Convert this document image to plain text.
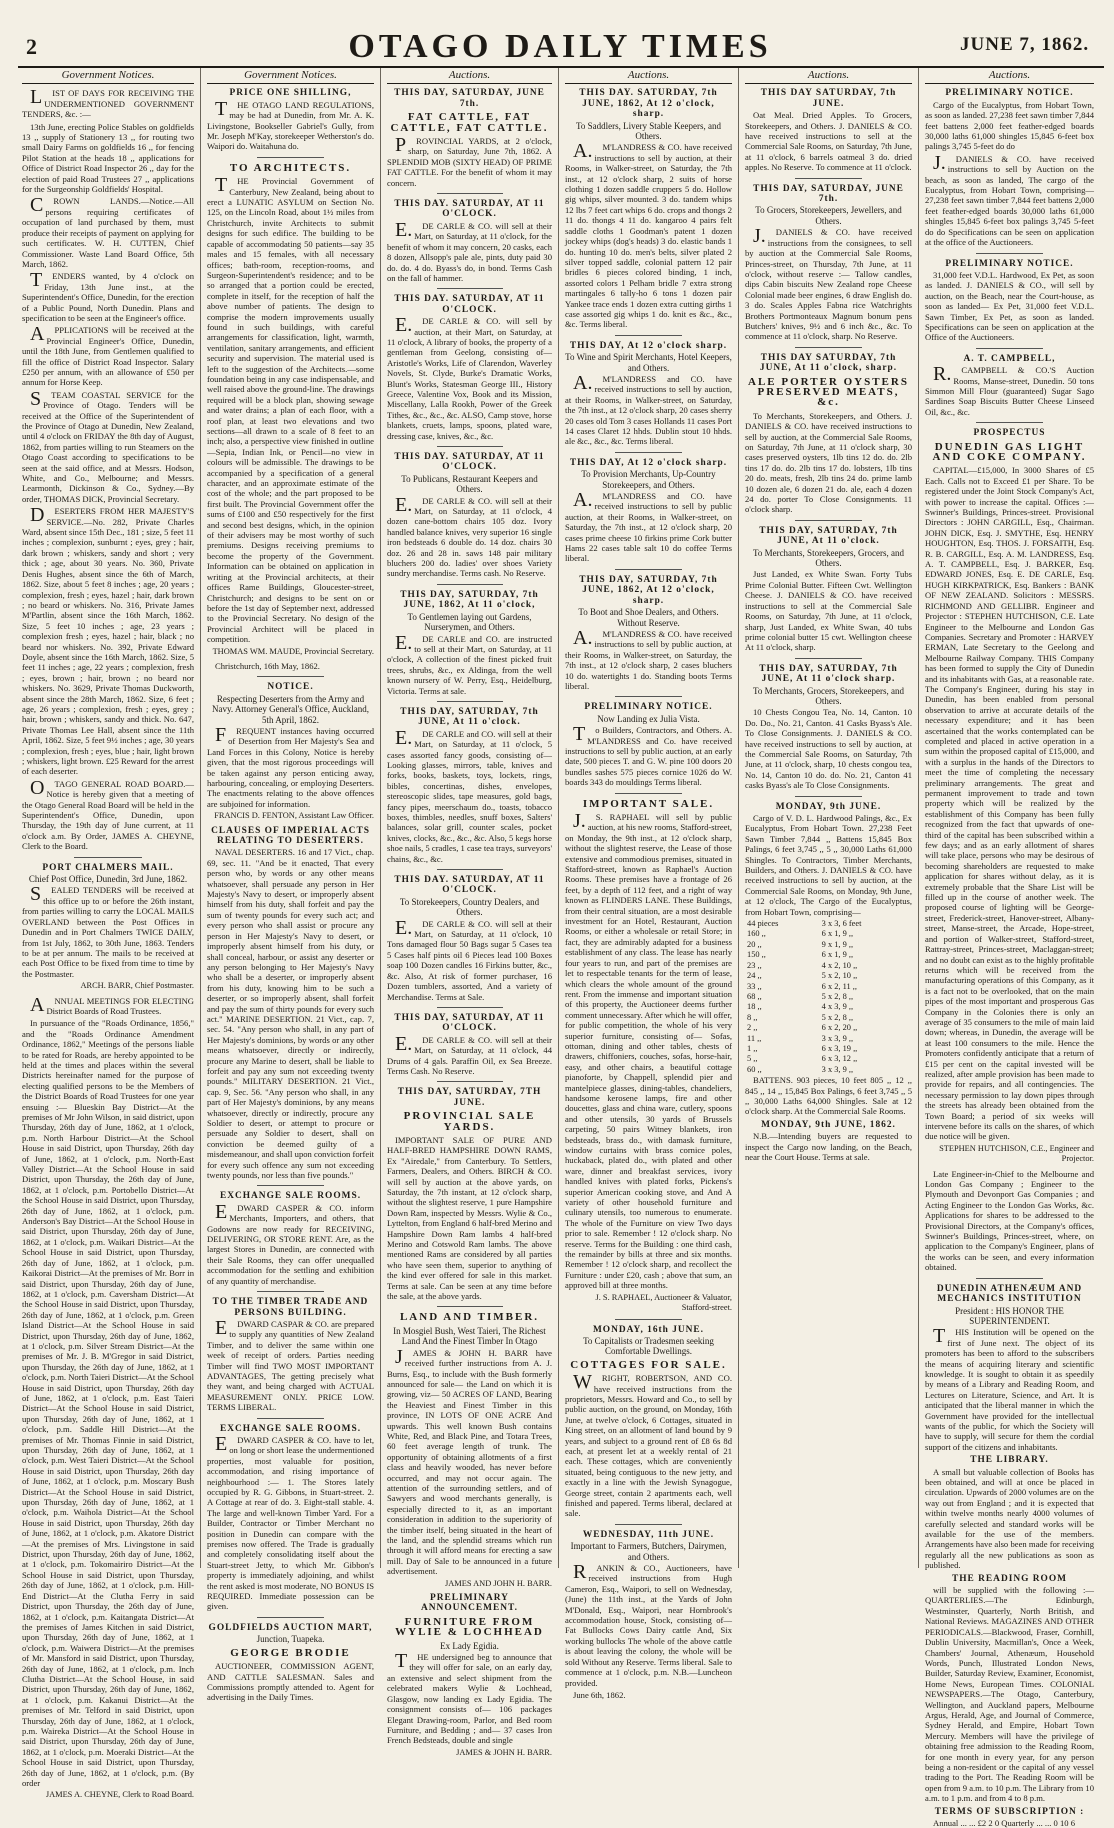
2	OTAGO DAILY TIMES	JUNE 7, 1862.
Government Notices.

LIST OF DAYS FOR RECEIVING THE UNDERMENTIONED GOVERNMENT TENDERS, &c. :—

13th June, erecting Police Stables on goldfields 13 ,, supply of Stationery 13 ,, for routing two small Dairy Farms on goldfields 16 ,, for fencing Pilot Station at the heads 18 ,, applications for Office of District Road Inspector 26 ,, day for the election of paid Road Trustees 27 ,, applications for the Surgeonship Goldfields' Hospital.

CROWN LANDS.—Notice.—All persons requiring certificates of occupation of land purchased by them, must produce their receipts of payment on applying for such certificates. W. H. CUTTEN, Chief Commissioner. Waste Land Board Office, 5th March, 1862.

TENDERS wanted, by 4 o'clock on Friday, 13th June inst., at the Superintendent's Office, Dunedin, for the erection of a Public Pound, North Dunedin. Plans and specification to be seen at the Engineer's office.

APPLICATIONS will be received at the Provincial Engineer's Office, Dunedin, until the 18th June, from Gentlemen qualified to fill the office of District Road Inspector. Salary £250 per annum, with an allowance of £50 per annum for Horse Keep.

STEAM COASTAL SERVICE for the Province of Otago. Tenders will be received at the Office of the Superintendent of the Province of Otago at Dunedin, New Zealand, until 4 o'clock on FRIDAY the 8th day of August, 1862, from parties willing to run Steamers on the Otago Coast according to specifications to be seen at the said office, and at Messrs. Hodson, White, and Co., Melbourne; and Messrs. Learmonth, Dickinson & Co., Sydney.—By order, THOMAS DICK, Provincial Secretary.

DESERTERS FROM HER MAJESTY'S SERVICE.—No. 282, Private Charles Ward, absent since 15th Dec., 181 ; size, 5 feet 11 inches ; complexion, sunburnt ; eyes, grey ; hair, dark brown ; whiskers, sandy and short ; very thick ; age, about 30 years. No. 360, Private Denis Hughes, absent since the 6th of March, 1862. Size, about 5 feet 8 inches ; age, 20 years ; complexion, fresh ; eyes, hazel ; hair, dark brown ; no beard or whiskers. No. 316, Private James M'Partlin, absent since the 16th March, 1862. Size, 5 feet 10 inches ; age, 23 years ; complexion fresh ; eyes, hazel ; hair, black ; no beard nor whiskers. No. 392, Private Edward Doyle, absent since the 16th March, 1862. Size, 5 feet 11 inches ; age, 22 years ; complexion, fresh ; eyes, brown ; hair, brown ; no beard nor whiskers. No. 3629, Private Thomas Duckworth, absent since the 28th March, 1862. Size, 6 feet ; age, 26 years ; complexion, fresh ; eyes, grey ; hair, brown ; whiskers, sandy and thick. No. 647, Private Thomas Lee Hall, absent since the 11th April, 1862. Size, 5 feet 9½ inches ; age, 30 years ; complexion, fresh ; eyes, blue ; hair, light brown ; whiskers, light brown. £25 Reward for the arrest of each deserter.

OTAGO GENERAL ROAD BOARD.—Notice is hereby given that a meeting of the Otago General Road Board will be held in the Superintendent's Office, Dunedin, upon Thursday, the 19th day of June current, at 11 o'clock a.m. By Order, JAMES A. CHEYNE, Clerk to the Board.

PORT CHALMERS MAIL.
Chief Post Office, Dunedin, 3rd June, 1862.

SEALED TENDERS will be received at this office up to or before the 26th instant, from parties willing to carry the LOCAL MAILS OVERLAND between the Post Offices in Dunedin and in Port Chalmers TWICE DAILY, from 1st July, 1862, to 30th June, 1863. Tenders to be at per annum. The mails to be received at each Post Office to be fixed from time to time by the Postmaster.

ARCH. BARR, Chief Postmaster.

ANNUAL MEETINGS FOR ELECTING District Boards of Road Trustees.

In pursuance of the "Roads Ordinance, 1856," and the "Roads Ordinance Amendment Ordinance, 1862," Meetings of the persons liable to be rated for Roads, are hereby appointed to be held at the times and places within the several Districts hereinafter named for the purpose of electing qualified persons to be the Members of the District Boards of Road Trustees for one year ensuing :— Blueskin Bay District—At the premises of Mr John Wilson, in said district, upon Thursday, 26th day of June, 1862, at 1 o'clock, p.m. North Harbour District—At the School House in said District, upon Thursday, 26th day of June, 1862, at 1 o'clock, p.m. North-East Valley District—At the School House in said District, upon Thursday, the 26th day of June, 1862, at 1 o'clock, p.m. Portobello District—At the School House in said District, upon Thursday, 26th day of June, 1862, at 1 o'clock, p.m. Anderson's Bay District—At the School House in said District, upon Thursday, 26th day of June, 1862, at 1 o'clock, p.m. Waikari District—At the School House in said District, upon Thursday, 26th day of June, 1862, at 1 o'clock, p.m. Kaikorai District—At the premises of Mr. Borr in said District, upon Thursday, 26th day of June, 1862, at 1 o'clock, p.m. Caversham District—At the School House in said District, upon Thursday, 26th day of June, 1862, at 1 o'clock, p.m. Green Island District—At the School House in said District, upon Thursday, 26th day of June, 1862, at 1 o'clock, p.m. Silver Stream District—At the premises of Mr. J. B. M'Gregor in said District, upon Thursday, the 26th day of June, 1862, at 1 o'clock, p.m. North Taieri District—At the School House in said District, upon Thursday, 26th day of June, 1862, at 1 o'clock, p.m. East Taieri District—At the School House in said District, upon Thursday, 26th day of June, 1862, at 1 o'clock, p.m. Saddle Hill District—At the premises of Mr. Thomas Finnie in said District, upon Thursday, 26th day of June, 1862, at 1 o'clock, p.m. West Taieri District—At the School House in said District, upon Thursday, 26th day of June, 1862, at 1 o'clock, p.m. Moscary Bush District—At the School House in said District, upon Thursday, 26th day of June, 1862, at 1 o'clock, p.m. Waihola District—At the School House in said District, upon Thursday, 26th day of June, 1862, at 1 o'clock, p.m. Akatore District—At the premises of Mrs. Livingstone in said District, upon Thursday, 26th day of June, 1862, at 1 o'clock, p.m. Tokomairiro District—At the School House in said District, upon Thursday, 26th day of June, 1862, at 1 o'clock, p.m. Hill-End District—At the Clutha Ferry in said District, upon Thursday, the 26th day of June, 1862, at 1 o'clock, p.m. Kaitangata District—At the premises of James Kitchen in said District, upon Thursday, 26th day of June, 1862, at 1 o'clock, p.m. Waiwera District—At the premises of Mr. Mansford in said District, upon Thursday, 26th day of June, 1862, at 1 o'clock, p.m. Inch Clutha District—At the School House, in said District, upon Thursday, 26th day of June, 1862, at 1 o'clock, p.m. Kakanui District—At the premises of Mr. Telford in said District, upon Thursday, 26th day of June, 1862, at 1 o'clock, p.m. Waireka District—At the School House in said District, upon Thursday, 26th day of June, 1862, at 1 o'clock, p.m. Moeraki District—At the School House in said District, upon Thursday, 26th day of June, 1862, at 1 o'clock, p.m. (By order

JAMES A. CHEYNE, Clerk to Road Board.
Government Notices.
PRICE ONE SHILLING,

THE OTAGO LAND REGULATIONS, may be had at Dunedin, from Mr. A. K. Livingstone, Bookseller Gabriel's Gully, from Mr. Joseph M'Kay, storekeeper Wetherston's do. Waipori do. Waitahuna do.

TO ARCHITECTS.

THE Provincial Government of Canterbury, New Zealand, being about to erect a LUNATIC ASYLUM on Section No. 125, on the Lincoln Road, about 1½ miles from Christchurch, invite Architects to submit designs for such edifice. The building to be capable of accommodating 50 patients—say 35 males and 15 females, with all necessary offices; bath-room, reception-rooms, and Surgeon-Superintendent's residence; and to be so arranged that a portion could be erected, complete in itself, for the reception of half the above number of patients. The design to comprise the modern improvements usually found in such buildings, with careful arrangements for classification, light, warmth, ventilation, sanitary arrangements, and efficient security and supervision. The material used is left to the suggestion of the Architects.—some foundation being in any case indispensable, and well raised above the ground-line. The drawings required will be a block plan, showing sewage and water drains; a plan of each floor, with a roof plan, at least two elevations and two sections—all drawn to a scale of 8 feet to an inch; also, a perspective view finished in outline—Sepia, Indian Ink, or Pencil—no view in colours will be admissible. The drawings to be accompanied by a specification of a general character, and an approximate estimate of the cost of the whole; and the part proposed to be first built. The Provincial Government offer the sums of £100 and £50 respectively for the first and second best designs, which, in the opinion of their advisers may be most worthy of such premiums. Designs receiving premiums to become the property of the Government. Information can be obtained on application in writing at the Provincial architects, at their offices Rame Buildings, Gloucester-street, Christchurch; and designs to be sent on or before the 1st day of September next, addressed to the Provincial Secretary. No design of the Provincial Architect will be placed in competition.

THOMAS WM. MAUDE, Provincial Secretary.

Christchurch, 16th May, 1862.

NOTICE.
Respecting Deserters from the Army and Navy. Attorney General's Office, Auckland, 5th April, 1862.

FREQUENT instances having occurred of Desertion from Her Majesty's Sea and Land Forces in this Colony, Notice is hereby given, that the most rigorous proceedings will be taken against any person enticing away, harbouring, concealing, or employing Deserters. The enactments relating to the above offences are subjoined for information.

FRANCIS D. FENTON, Assistant Law Officer.
CLAUSES OF IMPERIAL ACTS RELATING TO DESERTERS.

NAVAL DESERTERS. 16 and 17 Vict., chap. 69, sec. 11. "And be it enacted, That every person who, by words or any other means whatsoever, shall persuade any person in Her Majesty's Navy to desert, or improperly absent himself from his duty, shall forfeit and pay the sum of twenty pounds for every such act; and every person who shall assist or procure any person in Her Majesty's Navy to desert, or improperly absent himself from his duty, or shall conceal, harbour, or assist any deserter or any person belonging to Her Majesty's Navy who shall be a deserter, or improperly absent from his duty, knowing him to be such a deserter, or so improperly absent, shall forfeit and pay the sum of thirty pounds for every such act." MARINE DESERTION. 21 Vict., cap. 7, sec. 54. "Any person who shall, in any part of Her Majesty's dominions, by words or any other means whatsoever, directly or indirectly, procure any Marine to desert, shall be liable to forfeit and pay any sum not exceeding twenty pounds." MILITARY DESERTION. 21 Vict., cap. 9, Sec. 56. "Any person who shall, in any part of Her Majesty's dominions, by any means whatsoever, directly or indirectly, procure any Soldier to desert, or attempt to procure or persuade any Soldier to desert, shall on conviction be deemed guilty of a misdemeanour, and shall upon conviction forfeit for every such offence any sum not exceeding twenty pounds, nor less than five pounds."

EXCHANGE SALE ROOMS.

EDWARD CASPER & CO. inform Merchants, Importers, and others, that Godowns are now ready for RECEIVING, DELIVERING, OR STORE RENT. Are, as the largest Stores in Dunedin, are connected with their Sale Rooms, they can offer unequalled accommodation for the settling and exhibition of any quantity of merchandise.

TO THE TIMBER TRADE AND PERSONS BUILDING.

EDWARD CASPAR & CO. are prepared to supply any quantities of New Zealand Timber, and to deliver the same within one week of receipt of orders. Parties needing Timber will find TWO MOST IMPORTANT ADVANTAGES, The getting precisely what they want, and being charged with ACTUAL MEASUREMENT ONLY. PRICE LOW. TERMS LIBERAL.

EXCHANGE SALE ROOMS.

EDWARD CASPER & CO. have to let, on long or short lease the undermentioned properties, most valuable for position, accommodation, and rising importance of neighbourhood :— 1. The Stores lately occupied by R. G. Gibbons, in Stuart-street. 2. A Cottage at rear of do. 3. Eight-stall stable. 4. The large and well-known Timber Yard. For a Builder, Contractor or Timber Merchant no position in Dunedin can compare with the premises now offered. The Trade is gradually and completely consolidating itself about the Stuart-street Jetty, to which Mr. Gibbon's property is immediately adjoining, and whilst the rent asked is most moderate, NO BONUS IS REQUIRED. Immediate possession can be given.

GOLDFIELDS AUCTION MART,
Junction, Tuapeka.
GEORGE BRODIE

AUCTIONEER, COMMISSION AGENT, AND CATTLE SALESMAN. Sales and Commissions promptly attended to. Agent for advertising in the Daily Times.

Auctions.
THIS DAY, SATURDAY, JUNE 7th.
FAT CATTLE, FAT CATTLE, FAT CATTLE.

PROVINCIAL YARDS, at 2 o'clock, sharp, on Saturday, June 7th, 1862. A SPLENDID MOB (SIXTY HEAD) OF PRIME FAT CATTLE. For the benefit of whom it may concern.

THIS DAY. SATURDAY, AT 11 O'CLOCK.

E.DE CARLE & CO. will sell at their Mart, on Saturday, at 11 o'clock, for the benefit of whom it may concern, 20 casks, each 8 dozen, Allsopp's pale ale, pints, duty paid 30 do. do. 4 do. Byass's do, in bond. Terms Cash on the fall of hammer.

THIS DAY. SATURDAY, AT 11 O'CLOCK.

E.DE CARLE & CO. will sell by auction, at their Mart, on Saturday, at 11 o'clock, A library of books, the property of a gentleman from Geelong, consisting of— Aristotle's Works, Life of Clarendon, Waverley Novels, St. Clyde, Burke's Dramatic Works, Blunt's Works, Statesman George III., History Greece, Valentine Vox, Book and its Mission, Miscellany, Lalla Rookh, Power of the Greek Tithes, &c., &c., &c. ALSO, Camp stove, horse blankets, cruets, lamps, spoons, plated ware, dressing case, knives, &c., &c.

THIS DAY. SATURDAY, AT 11 O'CLOCK.
To Publicans, Restaurant Keepers and Others.

E.DE CARLE & CO. will sell at their Mart, on Saturday, at 11 o'clock, 4 dozen cane-bottom chairs 105 doz. Ivory handled balance knives, very superior 16 single iron bedsteads 6 double do. 14 doz. chairs 30 doz. 26 and 28 in. saws 148 pair military bluchers 200 do. ladies' over shoes Variety sundry merchandise. Terms cash. No Reserve.

THIS DAY, SATURDAY, 7th JUNE, 1862, At 11 o'clock,
To Gentlemen laying out Gardens, Nurserymen, and Others.

E.DE CARLE and CO. are instructed to sell at their Mart, on Saturday, at 11 o'clock, A collection of the finest picked fruit trees, shrubs, &c., ex Aldinga, from the well known nursery of W. Perry, Esq., Heidelburg, Victoria. Terms at sale.

THIS DAY, SATURDAY, 7th JUNE, At 11 o'clock.

E.DE CARLE and CO. will sell at their Mart, on Saturday, at 11 o'clock, 5 cases assorted fancy goods, consisting of— Looking glasses, mirrors, table, knives and forks, books, baskets, toys, lockets, rings, bibles, concertinas, dishes, envelopes, stereoscopic slides, tape measures, gold bags, fancy pipes, meerschaum do., toasts, tobacco boxes, thimbles, needles, snuff boxes, Salters' balances, solar grill, counter scales, pocket knives, clocks, &c., &c., &c. Also, 5 kegs horse shoe nails, 5 cradles, 1 case tea trays, surveyors' chains, &c., &c.

THIS DAY. SATURDAY, AT 11 O'CLOCK.
To Storekeepers, Country Dealers, and Others.

E.DE CARLE & CO. will sell at their Mart, on Saturday, at 11 o'clock, 10 Tons damaged flour 50 Bags sugar 5 Cases tea 5 Cases half pints oil 6 Pieces lead 100 Boxes soap 100 Dozen candles 16 Firkins butter, &c., &c. Also, At risk of former purchaser, 16 Dozen tumblers, assorted, And a variety of Merchandise. Terms at Sale.

THIS DAY, SATURDAY, AT 11 O'CLOCK.

E.DE CARLE & CO. will sell at their Mart, on Saturday, at 11 o'clock, 44 Drums of 4 gals. Paraffin Oil, ex Sea Breeze. Terms Cash. No Reserve.

THIS DAY, SATURDAY, 7TH JUNE.
PROVINCIAL SALE YARDS.

IMPORTANT SALE OF PURE AND HALF-BRED HAMPSHIRE DOWN RAMS, Ex "Airedale," from Canterbury. To Settlers, Farmers, Dealers, and Others. BIRCH & CO. will sell by auction at the above yards, on Saturday, the 7th instant, at 12 o'clock sharp, without the slightest reserve, 1 pure Hampshire Down Ram, inspected by Messrs. Wylie & Co., Lyttelton, from England 6 half-bred Merino and Hampshire Down Ram lambs 4 half-bred Merino and Cotswold Ram lambs. The above mentioned Rams are considered by all parties who have seen them, superior to anything of the kind ever offered for sale in this market. Terms at sale. Can be seen at any time before the sale, at the above yards.

LAND AND TIMBER.
In Mosgiel Bush, West Taieri, The Richest Land And the Finest Timber In Otago

JAMES & JOHN H. BARR have received further instructions from A. J. Burns, Esq., to include with the Bush formerly announced for sale— the Land on which it is growing, viz— 50 ACRES OF LAND, Bearing the Heaviest and Finest Timber in this province, IN LOTS OF ONE ACRE And upwards. This well known Bush contains White, Red, and Black Pine, and Totara Trees, 60 feet average length of trunk. The opportunity of obtaining allotments of a first class and heavily wooded, has never before occurred, and may not occur again. The attention of the surrounding settlers, and of Sawyers and wood merchants generally, is especially directed to it, as an important consideration in addition to the superiority of the timber itself, being situated in the heart of the land, and the splendid streams which run through it will afford means for erecting a saw mill. Day of Sale to be announced in a future advertisement.

JAMES AND JOHN H. BARR.
PRELIMINARY ANNOUNCEMENT.
FURNITURE FROM WYLIE & LOCHHEAD
Ex Lady Egidia.

THE undersigned beg to announce that they will offer for sale, on an early day, an extensive and select shipment from the celebrated makers Wylie & Lochhead, Glasgow, now landing ex Lady Egidia. The consignment consists of— 106 packages Elegant Drawing-room, Parlor, and Bed room Furniture, and Bedding ; and— 37 cases Iron French Bedsteads, double and single

JAMES & JOHN H. BARR.
Auctions.
THIS DAY. SATURDAY, 7th JUNE, 1862, At 12 o'clock, sharp.
To Saddlers, Livery Stable Keepers, and Others.

A.M'LANDRESS & CO. have received instructions to sell by auction, at their Rooms, in Walker-street, on Saturday, the 7th inst., at 12 o'clock sharp, 2 suits of horse clothing 1 dozen saddle cruppers 5 do. Hollow gig whips, silver mounted. 3 do. tandem whips 12 lbs 7 feet cart whips 6 do. crops and thongs 2 11 do. thongs 4 11 do. kangaroo 4 pairs felt saddle cloths 1 Goodman's patent 1 dozen jockey whips (dog's heads) 3 do. elastic bands 1 do. hunting 10 do. men's belts, silver plated 2 silver topped saddle, colonial pattern 12 pair bridles 6 pieces colored binding, 1 inch, assorted colors 1 Pelham bridle 7 extra strong martingales 6 tally-ho 6 tons 1 dozen pair Yankee trace ends 1 dozen extra cutting girths 1 case assorted gig whips 1 do. knit es &c., &c., &c. Terms liberal.

THIS DAY, At 12 o'clock sharp.
To Wine and Spirit Merchants, Hotel Keepers, and Others.

A.M'LANDRESS and CO. have received instructions to sell by auction, at their Rooms, in Walker-street, on Saturday, the 7th inst., at 12 o'clock sharp, 20 cases sherry 20 cases old Tom 3 cases Hollands 11 cases Port 14 cases Claret 12 hhds. Dublin stout 10 hhds. ale &c., &c., &c. Terms liberal.

THIS DAY, At 12 o'clock sharp.
To Provision Merchants, Up-Country Storekeepers, and Others.

A.M'LANDRESS and CO. have received instructions to sell by public auction, at their Rooms, in Walker-street, on Saturday, the 7th inst., at 12 o'clock sharp, 20 cases prime cheese 10 firkins prime Cork butter Hams 22 cases table salt 10 do coffee Terms liberal.

THIS DAY, SATURDAY, 7th JUNE, 1862, At 12 o'clock, sharp.
To Boot and Shoe Dealers, and Others. Without Reserve.

A.M'LANDRESS & CO. have received instructions to sell by public auction, at their Rooms, in Walker-street, on Saturday, the 7th inst., at 12 o'clock sharp, 2 cases bluchers 10 do. watertights 1 do. Standing boots Terms liberal.

PRELIMINARY NOTICE.
Now Landing ex Julia Vista.

To Builders, Contractors, and Others. A. M'LANDRESS and Co. have received instructions to sell by public auction, at an early date, 500 pieces T. and G. W. pine 100 doors 20 bundles sashes 575 pieces cornice 1026 do W. boards 343 do mouldings Terms liberal.

IMPORTANT SALE.

J.S. RAPHAEL will sell by public auction, at his new rooms, Stafford-street, on Monday, the 9th inst., at 12 o'clock sharp, without the slightest reserve, the Lease of those extensive and commodious premises, situated in Stafford-street, known as Raphael's Auction Rooms. These premises have a frontage of 26 feet, by a depth of 112 feet, and a right of way known as FLINDERS LANE. These Buildings, from their central situation, are a most desirable investment for an Hotel, Restaurant, Auction Rooms, or either a wholesale or retail Store; in fact, they are admirably adapted for a business establishment of any class. The lease has nearly four years to run, and part of the premises are let to respectable tenants for the term of lease, which clears the whole amount of the ground rent. From the immense and important situation of this property, the Auctioneer deems further comment unnecessary. After which he will offer, for public competition, the whole of his very superior furniture, consisting of— Sofas, ottoman, dining and other tables, chests of drawers, chiffoniers, couches, sofas, horse-hair, easy, and other chairs, a beautiful cottage pianoforte, by Chappell, splendid pier and mantelpiece glasses, dining-tables, chandeliers, handsome kerosene lamps, fire and other doucettes, glass and china ware, cutlery, spoons and other utensils, 30 yards of Brussels carpeting, 50 pairs Witney blankets, iron bedsteads, brass do., with damask furniture, window curtains with brass cornice poles, huckaback, plated do., with plated and other ware, dinner and breakfast services, ivory handled knives with plated forks, Pickens's superior American cooking stove, and And A variety of other household furniture and culinary utensils, too numerous to enumerate. The whole of the Furniture on view Two days prior to sale. Remember ! 12 o'clock sharp. No reserve. Terms for the Building : one third cash, the remainder by bills at three and six months. Remember ! 12 o'clock sharp, and recollect the Furniture : under £20, cash ; above that sum, an approved bill at three months.

J. S. RAPHAEL, Auctioneer & Valuator, Stafford-street.
MONDAY, 16th JUNE.
To Capitalists or Tradesmen seeking Comfortable Dwellings.
COTTAGES FOR SALE.

WRIGHT, ROBERTSON, AND CO. have received instructions from the proprietors, Messrs. Howard and Co., to sell by public auction, on the ground, on Monday, 16th June, at twelve o'clock, 6 Cottages, situated in King street, on an allotment of land bound by 9 years, and subject to a ground rent of £8 6s 8d each, at present let at a weekly rental of 21 each. These cottages, which are conveniently situated, being contiguous to the new jetty, and exactly in a line with the Jewish Synagogue, George street, contain 2 apartments each, well finished and papered. Terms liberal, declared at sale.

WEDNESDAY, 11th JUNE.
Important to Farmers, Butchers, Dairymen, and Others.

RANKIN & CO., Auctioneers, have received instructions from Hugh Cameron, Esq., Waipori, to sell on Wednesday, (June) the 11th inst., at the Yards of John M'Donald, Esq., Waipori, near Hornbrook's accommodation house, Stock, consisting of— Fat Bullocks Cows Dairy cattle And, Six working bullocks The whole of the above cattle is about leaving the colony, the whole will be sold Without any Reserve. Terms liberal. Sale to commence at 1 o'clock, p.m. N.B.—Luncheon provided.

June 6th, 1862.

Auctions.
THIS DAY SATURDAY, 7th JUNE.

Oat Meal. Dried Apples. To Grocers, Storekeepers, and Others. J. DANIELS & CO. have received instructions to sell at the Commercial Sale Rooms, on Saturday, 7th June, at 11 o'clock, 6 barrels oatmeal 3 do. dried apples. No Reserve. To commence at 11 o'clock.

THIS DAY, SATURDAY, JUNE 7th.
To Grocers, Storekeepers, Jewellers, and Others.

J.DANIELS & CO. have received instructions from the consignees, to sell by auction at the Commercial Sale Rooms, Princes-street, on Thursday, 7th June, at 11 o'clock, without reserve :— Tallow candles, dips Cabin biscuits New Zealand rope Cheese Colonial made beer engines, 6 draw English do. 3 do. Scales Apples Fabna rice Watchrights Brothers Portmonteaux Magnum bonum pens Butchers' knives, 9½ and 6 inch &c., &c. To commence at 11 o'clock, sharp. No Reserve.

THIS DAY SATURDAY, 7th JUNE, At 11 o'clock, sharp.
ALE PORTER OYSTERS PRESERVED MEATS, &c.

To Merchants, Storekeepers, and Others. J. DANIELS & CO. have received instructions to sell by auction, at the Commercial Sale Rooms, on Saturday, 7th June, at 11 o'clock sharp, 30 cases preserved oysters, 1lb tins 12 do. do. 2lb tins 17 do. do. 2lb tins 17 do. lobsters, 1lb tins 20 do. meats, fresh, 2lb tins 24 do. prime lamb 10 dozen ale, 6 dozen 21 do. ale, each 4 dozen 24 do. porter To Close Consignments. 11 o'clock sharp.

THIS DAY, SATURDAY, 7th JUNE, At 11 o'clock.
To Merchants, Storekeepers, Grocers, and Others.

Just Landed, ex White Swan. Forty Tubs Prime Colonial Butter. Fifteen Cwt. Wellington Cheese. J. DANIELS & CO. have received instructions to sell at the Commercial Sale Rooms, on Saturday, 7th June, at 11 o'clock, sharp, Just Landed, ex White Swan, 40 tubs prime colonial butter 15 cwt. Wellington cheese At 11 o'clock, sharp.

THIS DAY, SATURDAY, 7th JUNE, At 11 o'clock sharp.
To Merchants, Grocers, Storekeepers, and Others.

10 Chests Congou Tea, No. 14, Canton. 10 Do. Do., No. 21, Canton. 41 Casks Byass's Ale. To Close Consignments. J. DANIELS & CO. have received instructions to sell by auction, at the Commercial Sale Rooms, on Saturday, 7th June, at 11 o'clock, sharp, 10 chests congou tea, No. 14, Canton 10 do. do. No. 21, Canton 41 casks Byass's ale To Close Consignments.

MONDAY, 9th JUNE.

Cargo of V. D. L. Hardwood Palings, &c., Ex Eucalyptus, From Hobart Town. 27,238 Feet Sawn Timber 7,844 ,, Battens 15,845 Box Palings, 6 feet 3,745 ,, 5 ,, 30,000 Laths 61,000 Shingles. To Contractors, Timber Merchants, Builders, and Others. J. DANIELS & CO. have received instructions to sell by auction, at the Commercial Sale Rooms, on Monday, 9th June, at 12 o'clock, The Cargo of the Eucalyptus, from Hobart Town, comprising—

44 pieces	3 x 3, 6 feet
160 ,,	6 x 1, 9 ,,
20 ,,	9 x 1, 9 ,,
150 ,,	6 x 1, 9 ,,
23 ,,	4 x 2, 10 ,,
24 ,,	5 x 2, 10 ,,
33 ,,	6 x 2, 11 ,,
68 ,,	5 x 2, 8 ,,
18 ,,	4 x 3, 9 ,,
8 ,,	5 x 2, 8 ,,
2 ,,	6 x 2, 20 ,,
11 ,,	3 x 3, 9 ,,
1 ,,	6 x 3, 19 ,,
5 ,,	6 x 3, 12 ,,
60 ,,	3 x 3, 9 ,,

BATTENS. 903 pieces, 10 feet 805 ,, 12 ,, 845 ,, 14 ,, 15,845 Box Palings, 6 feet 3,745 ,, 5 ,, 30,000 Laths 64,000 Shingles. Sale at 12 o'clock sharp. At the Commercial Sale Rooms.

MONDAY, 9th JUNE, 1862.

N.B.—Intending buyers are requested to inspect the Cargo now landing, on the Beach, near the Court House. Terms at sale.

Auctions.
PRELIMINARY NOTICE.

Cargo of the Eucalyptus, from Hobart Town, as soon as landed. 27,238 feet sawn timber 7,844 feet battens 2,000 feet feather-edged boards 30,000 laths 61,000 shingles 15,845 6-feet box palings 3,745 5-feet do do

J.DANIELS & CO. have received instructions to sell by Auction on the beach, as soon as landed, The cargo of the Eucalyptus, from Hobart Town, comprising— 27,238 feet sawn timber 7,844 feet battens 2,000 feet feather-edged boards 30,000 laths 61,000 shingles 15,845 6-feet box palings 3,745 5-feet do do Specifications can be seen on application at the office of the Auctioneers.

PRELIMINARY NOTICE.

31,000 feet V.D.L. Hardwood, Ex Pet, as soon as landed. J. DANIELS & CO., will sell by auction, on the Beach, near the Court-house, as soon as landed— Ex Pet, 31,000 feet V.D.L. Sawn Timber, Ex Pet, as soon as landed. Specifications can be seen on application at the Office of the Auctioneers.

A. T. CAMPBELL,

R.CAMPBELL & CO.'S Auction Rooms, Manse-street, Dunedin. 50 tons Simmon Mill Flour (guaranteed) Sugar Sago Sardines Soap Biscuits Butter Cheese Linseed Oil, &c., &c.

PROSPECTUS
DUNEDIN GAS LIGHT AND COKE COMPANY.

CAPITAL—£15,000, In 3000 Shares of £5 Each. Calls not to Exceed £1 per Share. To be registered under the Joint Stock Company's Act, with power to increase the capital. Offices :—Swinner's Buildings, Princes-street. Provisional Directors : JOHN CARGILL, Esq., Chairman. JOHN DICK, Esq. J. SMYTHE, Esq. HENRY HOUGHTON, Esq. THOS. J. FORSAITH, Esq. R. B. CARGILL, Esq. A. M. LANDRESS, Esq. A. T. CAMPBELL, Esq. J. BARKER, Esq. EDWARD JONES, Esq. E. DE CARLE, Esq. HUGH KIRKPATRICK, Esq. Bankers : BANK OF NEW ZEALAND. Solicitors : MESSRS. RICHMOND AND GELLIBR. Engineer and Projector : STEPHEN HUTCHISON, C.E. Late Engineer to the Melbourne and London Gas Companies. Secretary and Promoter : HARVEY ERMAN, Late Secretary to the Geelong and Melbourne Railway Company. THIS Company has been formed to supply the City of Dunedin and its inhabitants with Gas, at a reasonable rate. The Company's Engineer, during his stay in Dunedin, has been enabled from personal observation to arrive at accurate details of the necessary expenditure; and it has been ascertained that the works contemplated can be completed and placed in active operation in a sum within the proposed capital of £15,000, and with a surplus in the hands of the Directors to meet the time of completing the necessary preliminary arrangements. The great and permanent improvement to trade and town property which will be realized by the establishment of this Company has been fully recognized from the fact that upwards of one-third of the capital has been subscribed within a few days; and as an early allotment of shares will take place, persons who may be desirous of becoming shareholders are requested to make application for shares without delay, as it is extremely probable that the Share List will be filled up in the course of another week. The proposed course of lighting will be George-street, Frederick-street, Hanover-street, Albany-street, Manse-street, the Arcade, Hope-street, and portion of Walker-street, Stafford-street, Rattray-street, Princes-street, Maclaggan-street; and no doubt can exist as to the highly profitable returns which will be received from the manufacturing operations of this Company, as it is a fact not to be overlooked, that on the main pipes of the most important and prosperous Gas Company in the Colonies there is only an average of 35 consumers to the mile of main laid down; whereas, in Dunedin, the average will be at least 100 consumers to the mile. Hence the Promoters confidently anticipate that a return of £15 per cent on the capital invested will be realized, after ample provision has been made to provide for repairs, and all contingencies. The necessary permission to lay down pipes through the streets has already been obtained from the Town Board; a period of six weeks will intervene before its calls on the shares, of which due notice will be given.

STEPHEN HUTCHISON, C.E., Engineer and Projector.

Late Engineer-in-Chief to the Melbourne and London Gas Company ; Engineer to the Plymouth and Devonport Gas Companies ; and Acting Engineer to the London Gas Works, &c. Applications for shares to be addressed to the Provisional Directors, at the Company's offices, Swinner's Buildings, Princes-street, where, on application to the Company's Engineer, plans of the works can be seen, and every information obtained.

DUNEDIN ATHENÆUM AND MECHANICS INSTITUTION
President : HIS HONOR THE SUPERINTENDENT.

THIS Institution will be opened on the first of June next. The object of its promoters has been to afford to the subscribers the means of acquiring literary and scientific knowledge. It is sought to obtain it as speedily by means of a Library and Reading Room, and Lectures on Literature, Science, and Art. It is anticipated that the liberal manner in which the Government have provided for the intellectual wants of the public, for which the Society will have to supply, will secure for them the cordial support of the citizens and inhabitants.

THE LIBRARY.

A small but valuable collection of Books has been obtained, and will at once be placed in circulation. Upwards of 2000 volumes are on the way out from England ; and it is expected that within twelve months nearly 4000 volumes of carefully selected and standard works will be available for the use of the members. Arrangements have also been made for receiving regularly all the new publications as soon as published.

THE READING ROOM

will be supplied with the following :— QUARTERLIES.—The Edinburgh, Westminster, Quarterly, North British, and National Reviews. MAGAZINES AND OTHER PERIODICALS.—Blackwood, Fraser, Cornhill, Dublin University, Macmillan's, Once a Week, Chambers' Journal, Athenæum, Household Words, Punch, Illustrated London News, Builder, Saturday Review, Examiner, Economist, Home News, European Times. COLONIAL NEWSPAPERS.—The Otago, Canterbury, Wellington, and Auckland papers, Melbourne Argus, Herald, Age, and Journal of Commerce, Sydney Herald, and Empire, Hobart Town Mercury. Members will have the privilege of obtaining free admission to the Reading Room, for one month in every year, for any person being a non-resident or the capital of any vessel trading to the Port. The Reading Room will be open from 9 a.m. to 10 p.m. The Library from 10 a.m. to 1 p.m. and from 4 to 8 p.m.

TERMS OF SUBSCRIPTION :

Annual ... ... £2 2 0 Quarterly ... ... 0 10 6
